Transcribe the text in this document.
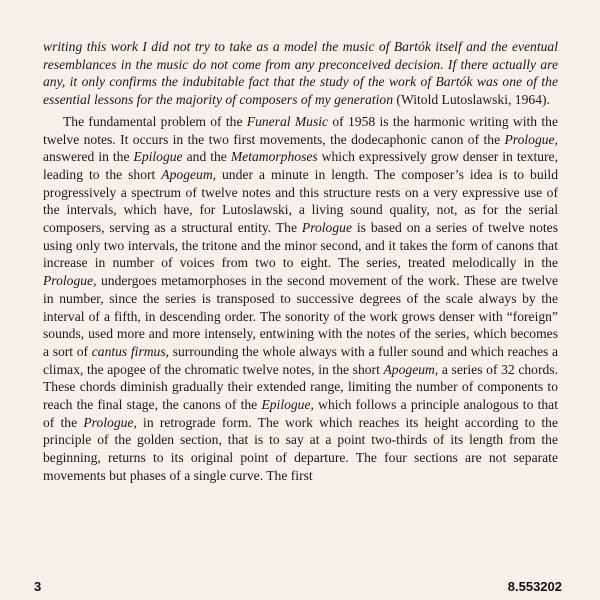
writing this work I did not try to take as a model the music of Bartók itself and the eventual resemblances in the music do not come from any preconceived decision. If there actually are any, it only confirms the indubitable fact that the study of the work of Bartók was one of the essential lessons for the majority of composers of my generation (Witold Lutoslawski, 1964).

The fundamental problem of the Funeral Music of 1958 is the harmonic writing with the twelve notes. It occurs in the two first movements, the dodecaphonic canon of the Prologue, answered in the Epilogue and the Metamorphoses which expressively grow denser in texture, leading to the short Apogeum, under a minute in length. The composer’s idea is to build progressively a spectrum of twelve notes and this structure rests on a very expressive use of the intervals, which have, for Lutoslawski, a living sound quality, not, as for the serial composers, serving as a structural entity. The Prologue is based on a series of twelve notes using only two intervals, the tritone and the minor second, and it takes the form of canons that increase in number of voices from two to eight. The series, treated melodically in the Prologue, undergoes metamorphoses in the second movement of the work. These are twelve in number, since the series is transposed to successive degrees of the scale always by the interval of a fifth, in descending order. The sonority of the work grows denser with “foreign” sounds, used more and more intensely, entwining with the notes of the series, which becomes a sort of cantus firmus, surrounding the whole always with a fuller sound and which reaches a climax, the apogee of the chromatic twelve notes, in the short Apogeum, a series of 32 chords. These chords diminish gradually their extended range, limiting the number of components to reach the final stage, the canons of the Epilogue, which follows a principle analogous to that of the Prologue, in retrograde form. The work which reaches its height according to the principle of the golden section, that is to say at a point two-thirds of its length from the beginning, returns to its original point of departure. The four sections are not separate movements but phases of a single curve. The first

3	8.553202
